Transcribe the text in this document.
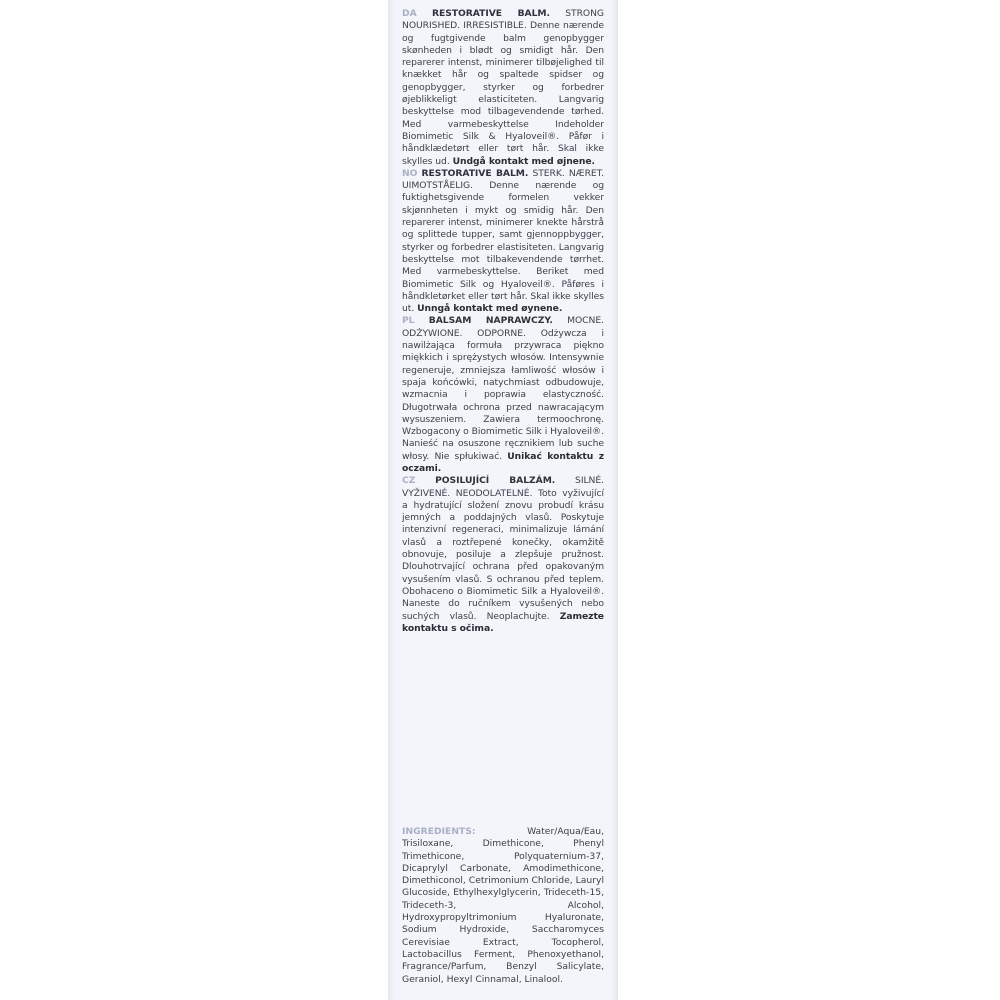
DA RESTORATIVE BALM. STRONG NOURISHED. IRRESISTIBLE. Denne nærende og fugtgivende balm genopbygger skønheden i blødt og smidigt hår. Den reparerer intenst, minimerer tilbøjelighed til knækket hår og spaltede spidser og genopbygger, styrker og forbedrer øjeblikkeligt elasticiteten. Langvarig beskyttelse mod tilbagevendende tørhed. Med varmebeskyttelse Indeholder Biomimetic Silk & Hyaloveil®. Påfør i håndklædetørt eller tørt hår. Skal ikke skylles ud. Undgå kontakt med øjnene.

NO RESTORATIVE BALM. STERK. NÆRET. UIMOTSTÅELIG. Denne nærende og fuktighetsgivende formelen vekker skjønnheten i mykt og smidig hår. Den reparerer intenst, minimerer knekte hårstrå og splittede tupper, samt gjennoppbygger, styrker og forbedrer elastisiteten. Langvarig beskyttelse mot tilbakevendende tørrhet. Med varmebeskyttelse. Beriket med Biomimetic Silk og Hyaloveil®. Påføres i håndkletørket eller tørt hår. Skal ikke skylles ut. Unngå kontakt med øynene.

PL BALSAM NAPRAWCZY. MOCNE. ODŻYWIONE. ODPORNE. Odżywcza i nawilżająca formuła przywraca piękno miękkich i sprężystych włosów. Intensywnie regeneruje, zmniejsza łamliwość włosów i spaja końcówki, natychmiast odbudowuje, wzmacnia i poprawia elastyczność. Długotrwała ochrona przed nawracającym wysuszeniem. Zawiera termoochronę. Wzbogacony o Biomimetic Silk i Hyaloveil®. Nanieść na osuszone ręcznikiem lub suche włosy. Nie spłukiwać. Unikać kontaktu z oczami.

CZ POSILUJÍCÍ BALZÁM. SILNÉ. VYŽIVENÉ. NEODOLATELNÉ. Toto vyživující a hydratující složení znovu probudí krásu jemných a poddajných vlasů. Poskytuje intenzivní regeneraci, minimalizuje lámání vlasů a roztřepené konečky, okamžitě obnovuje, posiluje a zlepšuje pružnost. Dlouhotrvající ochrana před opakovaným vysušením vlasů. S ochranou před teplem. Obohaceno o Biomimetic Silk a Hyaloveil®. Naneste do ručníkem vysušených nebo suchých vlasů. Neoplachujte. Zamezte kontaktu s očima.

INGREDIENTS:	Water/Aqua/Eau, Trisiloxane, Dimethicone, Phenyl Trimethicone, Polyquaternium-37, Dicaprylyl Carbonate, Amodimethicone, Dimethiconol, Cetrimonium Chloride, Lauryl Glucoside, Ethylhexylglycerin, Trideceth-15, Trideceth-3, Alcohol, Hydroxypropyltrimonium Hyaluronate, Sodium Hydroxide, Saccharomyces Cerevisiae Extract, Tocopherol, Lactobacillus Ferment, Phenoxyethanol, Fragrance/Parfum, Benzyl Salicylate, Geraniol, Hexyl Cinnamal, Linalool.
